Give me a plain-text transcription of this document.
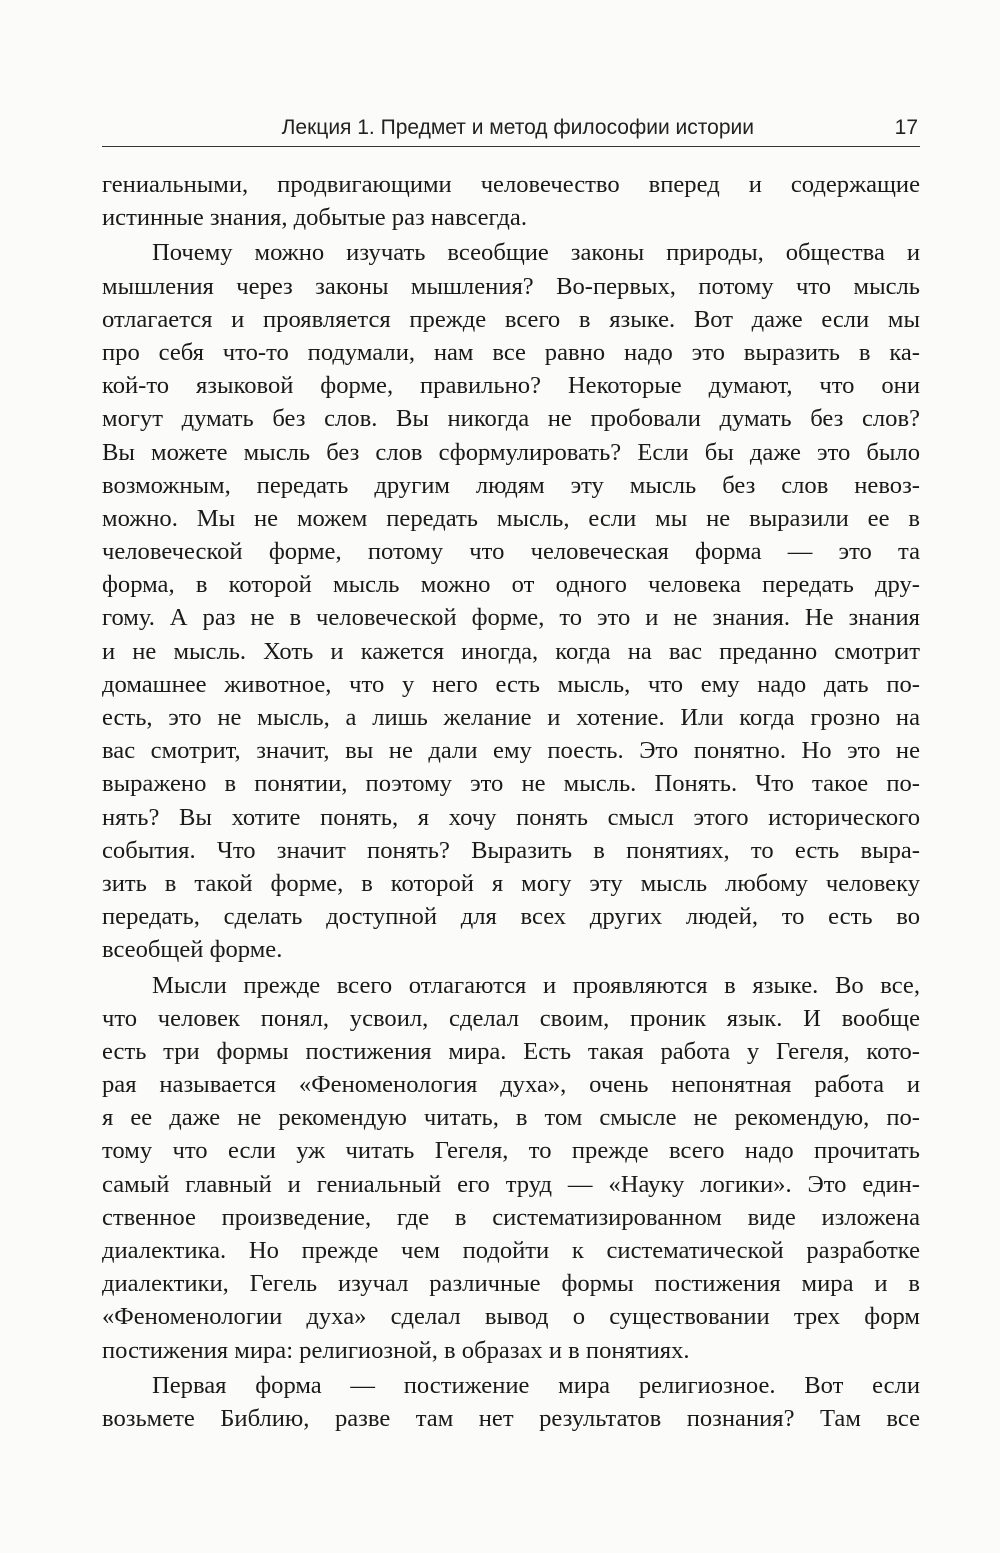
Лекция 1. Предмет и метод философии истории	17
гениальными, продвигающими человечество вперед и содержащие
истинные знания, добытые раз навсегда.
Почему можно изучать всеобщие законы природы, общества и
мышления через законы мышления? Во-первых, потому что мысль
отлагается и проявляется прежде всего в языке. Вот даже если мы
про себя что-то подумали, нам все равно надо это выразить в ка-
кой-то языковой форме, правильно? Некоторые думают, что они
могут думать без слов. Вы никогда не пробовали думать без слов?
Вы можете мысль без слов сформулировать? Если бы даже это было
возможным, передать другим людям эту мысль без слов невоз-
можно. Мы не можем передать мысль, если мы не выразили ее в
человеческой форме, потому что человеческая форма — это та
форма, в которой мысль можно от одного человека передать дру-
гому. А раз не в человеческой форме, то это и не знания. Не знания
и не мысль. Хоть и кажется иногда, когда на вас преданно смотрит
домашнее животное, что у него есть мысль, что ему надо дать по-
есть, это не мысль, а лишь желание и хотение. Или когда грозно на
вас смотрит, значит, вы не дали ему поесть. Это понятно. Но это не
выражено в понятии, поэтому это не мысль. Понять. Что такое по-
нять? Вы хотите понять, я хочу понять смысл этого исторического
события. Что значит понять? Выразить в понятиях, то есть выра-
зить в такой форме, в которой я могу эту мысль любому человеку
передать, сделать доступной для всех других людей, то есть во
всеобщей форме.
Мысли прежде всего отлагаются и проявляются в языке. Во все,
что человек понял, усвоил, сделал своим, проник язык. И вообще
есть три формы постижения мира. Есть такая работа у Гегеля, кото-
рая называется «Феноменология духа», очень непонятная работа и
я ее даже не рекомендую читать, в том смысле не рекомендую, по-
тому что если уж читать Гегеля, то прежде всего надо прочитать
самый главный и гениальный его труд — «Науку логики». Это един-
ственное произведение, где в систематизированном виде изложена
диалектика. Но прежде чем подойти к систематической разработке
диалектики, Гегель изучал различные формы постижения мира и в
«Феноменологии духа» сделал вывод о существовании трех форм
постижения мира: религиозной, в образах и в понятиях.
Первая форма — постижение мира религиозное. Вот если
возьмете Библию, разве там нет результатов познания? Там все
